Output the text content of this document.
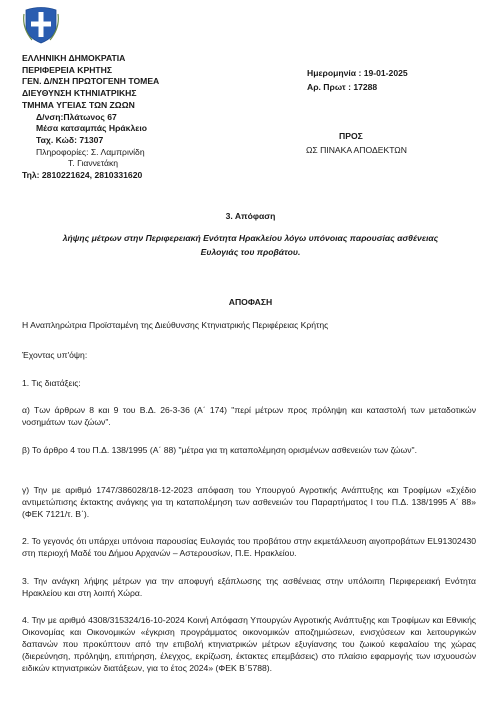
ΕΛΛΗΝΙΚΗ ΔΗΜΟΚΡΑΤΙΑ
ΠΕΡΙΦΕΡΕΙΑ ΚΡΗΤΗΣ
ΓΕΝ. Δ/ΝΣΗ ΠΡΩΤΟΓΕΝΗ ΤΟΜΕΑ
ΔΙΕΥΘΥΝΣΗ ΚΤΗΝΙΑΤΡΙΚΗΣ
ΤΜΗΜΑ ΥΓΕΙΑΣ ΤΩΝ ΖΩΩΝ
Δ/νση:Πλάτωνος 67
Μέσα κατσαμπάς Ηράκλειο
Ταχ. Κώδ: 71307
Πληροφορίες: Σ. Λαμπρινίδη
Τ. Γιαννετάκη
Τηλ: 2810221624, 2810331620
Ημερομηνία : 19-01-2025
Αρ. Πρωτ : 17288
ΠΡΟΣ
ΩΣ ΠΙΝΑΚΑ ΑΠΟΔΕΚΤΩΝ
3. Απόφαση
λήψης μέτρων στην Περιφερειακή Ενότητα Ηρακλείου λόγω υπόνοιας παρουσίας ασθένειας
Ευλογιάς του προβάτου.
ΑΠΟΦΑΣΗ
Η Αναπληρώτρια Προϊσταμένη της Διεύθυνσης Κτηνιατρικής Περιφέρειας Κρήτης
Έχοντας υπ'όψη:
1. Τις διατάξεις:
α) Των άρθρων 8 και 9 του Β.Δ. 26-3-36 (Α΄ 174) "περί μέτρων προς πρόληψη και καταστολή των μεταδοτικών νοσημάτων των ζώων".
β) Το άρθρο 4 του Π.Δ. 138/1995 (Α΄ 88) "μέτρα για τη καταπολέμηση ορισμένων ασθενειών των ζώων".
γ) Την με αριθμό 1747/386028/18-12-2023 απόφαση του Υπουργού Αγροτικής Ανάπτυξης και Τροφίμων «Σχέδιο αντιμετώπισης έκτακτης ανάγκης για τη καταπολέμηση των ασθενειών του Παραρτήματος Ι του Π.Δ. 138/1995 Α΄ 88» (ΦΕΚ 7121/τ. Β΄).
2. Το γεγονός ότι υπάρχει υπόνοια παρουσίας Ευλογιάς του προβάτου στην εκμετάλλευση αιγοπροβάτων ΕL91302430 στη περιοχή Μαδέ του Δήμου Αρχανών – Αστερουσίων, Π.Ε. Ηρακλείου.
3. Την ανάγκη λήψης μέτρων για την αποφυγή εξάπλωσης της ασθένειας στην υπόλοιπη Περιφερειακή Ενότητα Ηρακλείου και στη λοιπή Χώρα.
4. Την με αριθμό 4308/315324/16-10-2024 Κοινή Απόφαση Υπουργών Αγροτικής Ανάπτυξης και Τροφίμων και Εθνικής Οικονομίας και Οικονομικών «έγκριση προγράμματος οικονομικών αποζημιώσεων, ενισχύσεων και λειτουργικών δαπανών που προκύπτουν από την επιβολή κτηνιατρικών μέτρων εξυγίανσης του ζωικού κεφαλαίου της χώρας (διερεύνηση, πρόληψη, επιτήρηση, έλεγχος, εκρίζωση, έκτακτες επεμβάσεις) στο πλαίσιο εφαρμογής των ισχυουσών ειδικών κτηνιατρικών διατάξεων, για το έτος 2024» (ΦΕΚ Β΄5788).
